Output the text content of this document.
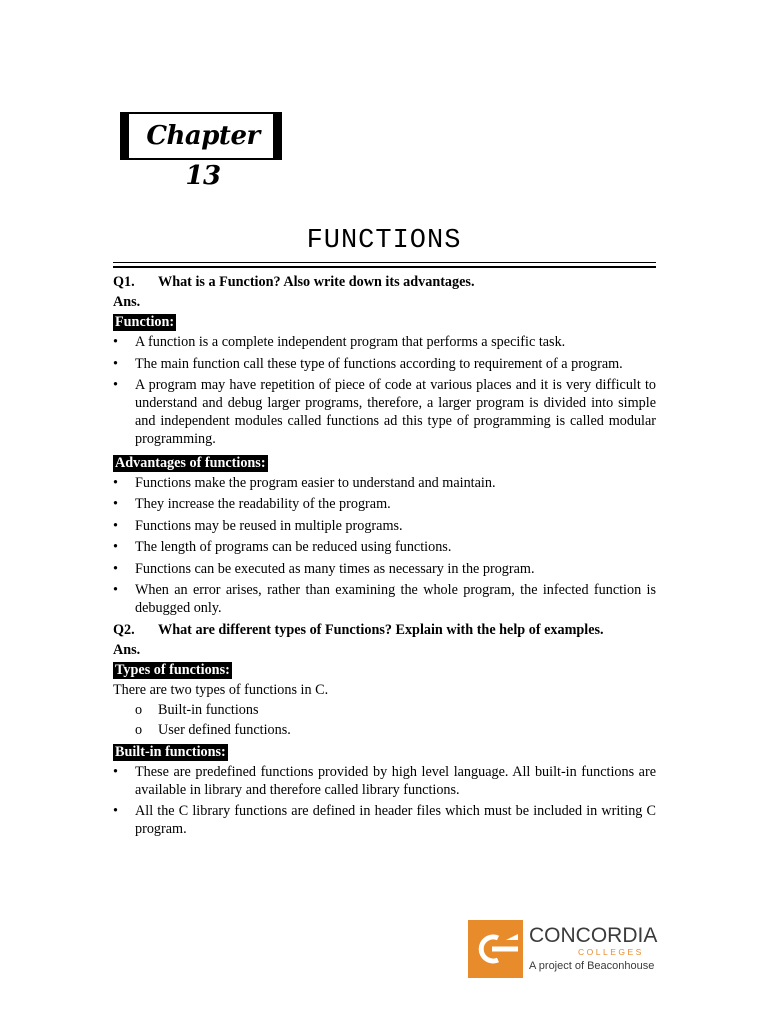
Chapter 13
FUNCTIONS
Q1.	What is a Function? Also write down its advantages.
Ans.
Function:
• A function is a complete independent program that performs a specific task.
• The main function call these type of functions according to requirement of a program.
• A program may have repetition of piece of code at various places and it is very difficult to understand and debug larger programs, therefore, a larger program is divided into simple and independent modules called functions ad this type of programming is called modular programming.
Advantages of functions:
• Functions make the program easier to understand and maintain.
• They increase the readability of the program.
• Functions may be reused in multiple programs.
• The length of programs can be reduced using functions.
• Functions can be executed as many times as necessary in the program.
• When an error arises, rather than examining the whole program, the infected function is debugged only.
Q2.	What are different types of Functions? Explain with the help of examples.
Ans.
Types of functions:
There are two types of functions in C.
o Built-in functions
o User defined functions.
Built-in functions:
• These are predefined functions provided by high level language. All built-in functions are available in library and therefore called library functions.
• All the C library functions are defined in header files which must be included in writing C program.
CONCORDIA
COLLEGES
A project of Beaconhouse
